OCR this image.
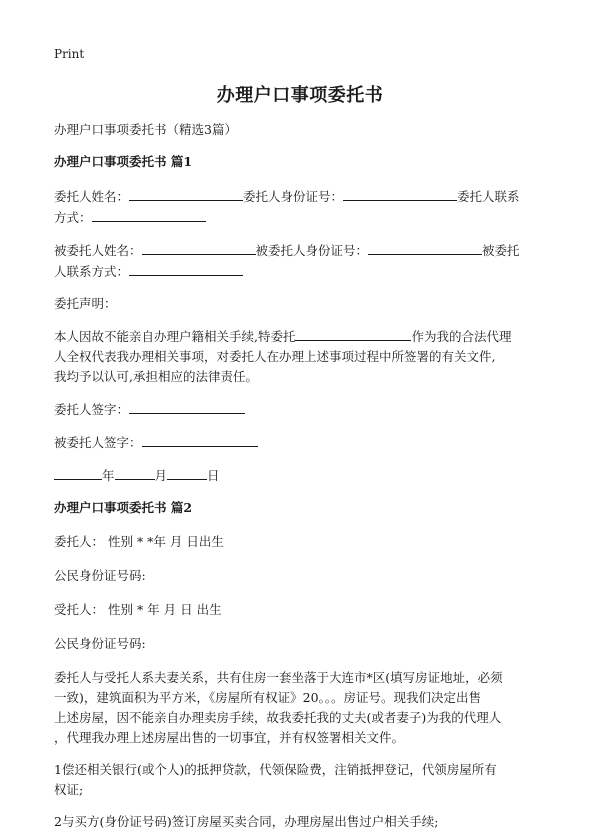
Print
办理户口事项委托书

办理户口事项委托书（精选3篇）

办理户口事项委托书 篇1

委托人姓名：	委托人身份证号：	委托人联系

方式：

被委托人姓名：	被委托人身份证号：	被委托

人联系方式：

委托声明：

本人因故不能亲自办理户籍相关手续,特委托	作为我的合法代理

人全权代表我办理相关事项，对委托人在办理上述事项过程中所签署的有关文件,

我均予以认可,承担相应的法律责任。

委托人签字：

被委托人签字：

年	月	日

办理户口事项委托书 篇2

委托人： 性别 * *年 月 日出生

公民身份证号码:

受托人： 性别 * 年 月 日 出生

公民身份证号码:

委托人与受托人系夫妻关系，共有住房一套坐落于大连市*区(填写房证地址，必须

一致)，建筑面积为平方米，《房屋所有权证》20。。。房证号。现我们决定出售

上述房屋，因不能亲自办理卖房手续，故我委托我的丈夫(或者妻子)为我的代理人

，代理我办理上述房屋出售的一切事宜，并有权签署相关文件。

1偿还相关银行(或个人)的抵押贷款，代领保险费，注销抵押登记，代领房屋所有

权证;

2与买方(身份证号码)签订房屋买卖合同，办理房屋出售过户相关手续;
